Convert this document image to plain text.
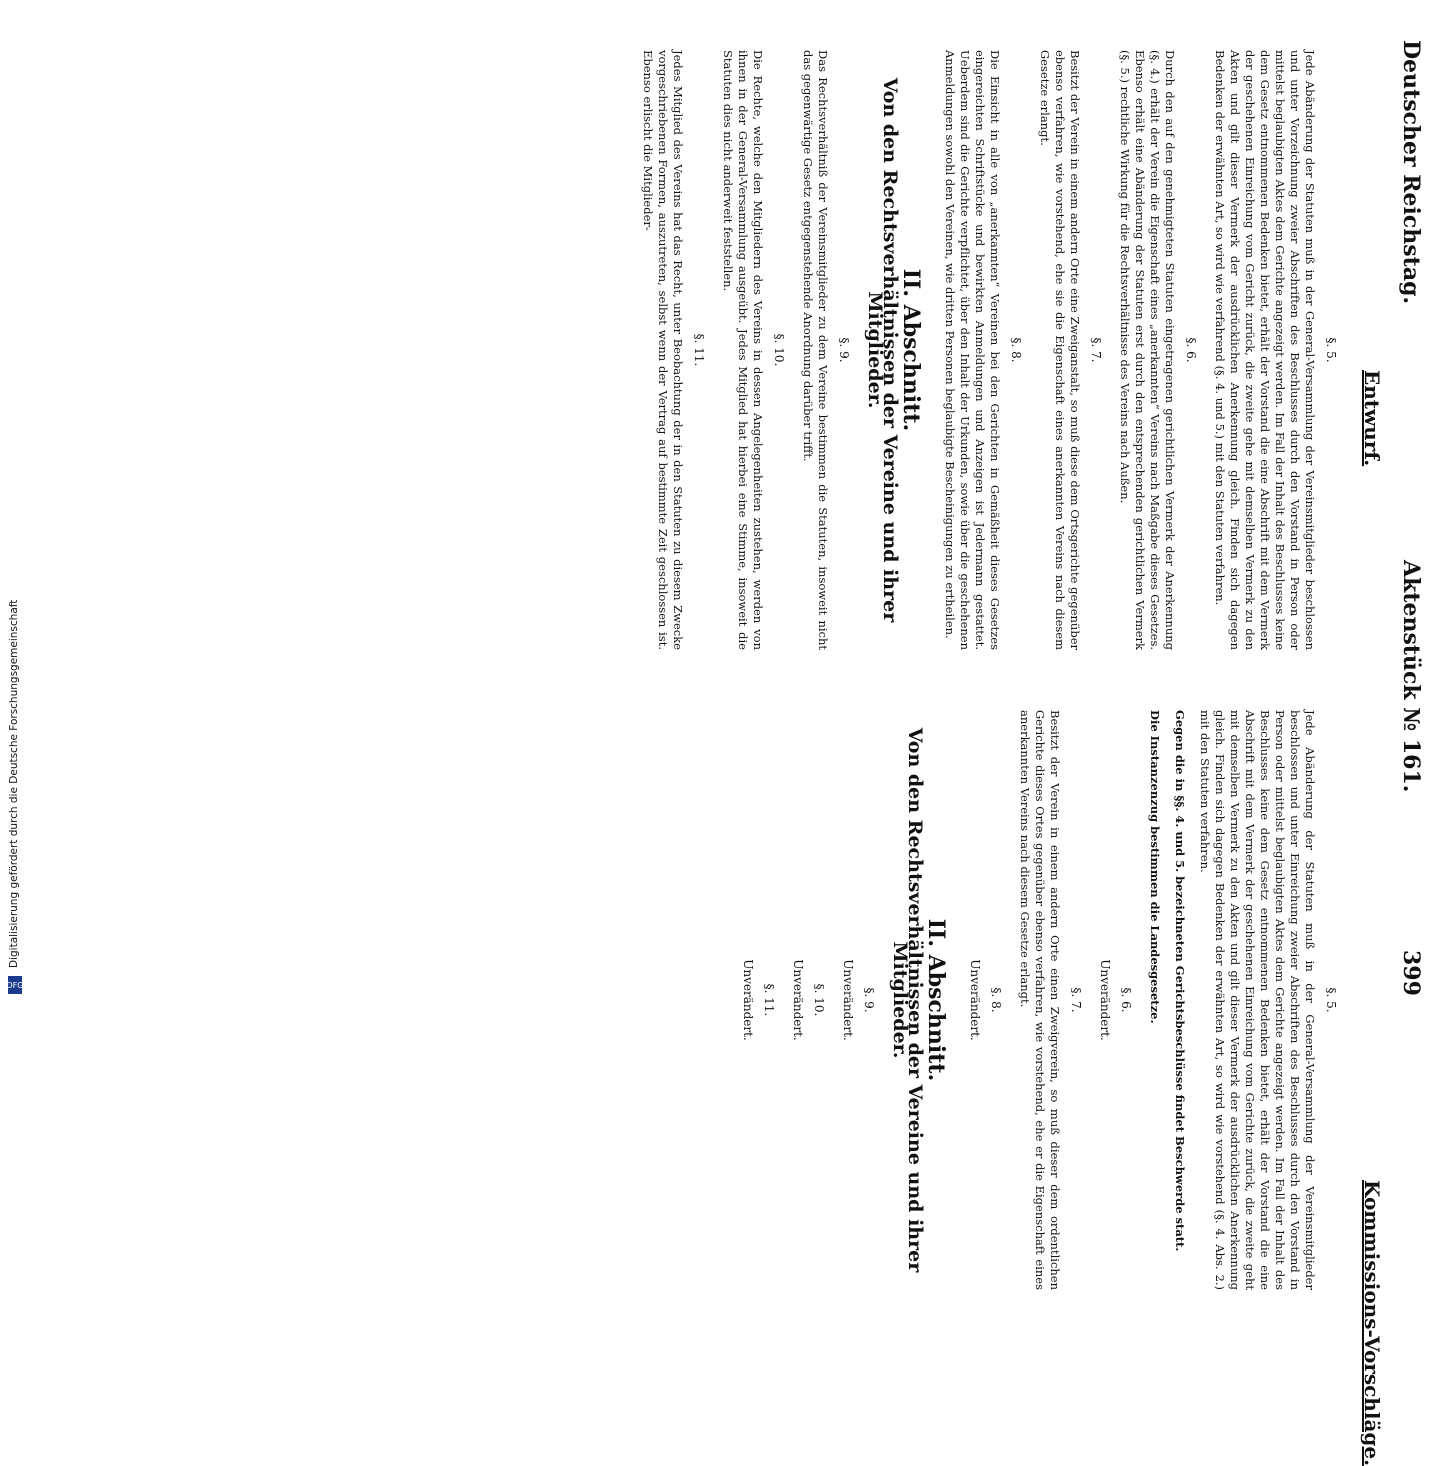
Deutscher Reichstag.
Aktenstück № 161.
399
Entwurf.
Kommissions-Vorschläge.
§. 5.
Jede Abänderung der Statuten muß in der General-Versammlung der Vereinsmitglieder beschlossen und unter Vorzeichnung zweier Abschriften des Beschlusses durch den Vorstand in Person oder mittelst beglaubigten Aktes dem Gerichte angezeigt werden. Im Fall der Inhalt des Beschlusses keine dem Gesetz entnommenen Bedenken bietet, erhält der Vorstand die eine Abschrift mit dem Vermerk der geschehenen Einreichung vom Gericht zurück, die zweite gehe mit demselben Vermerk zu den Akten und gilt dieser Vermerk der ausdrücklichen Anerkennung gleich. Finden sich dagegen Bedenken der erwähnten Art, so wird wie verfahrend (§. 4. und 5.) mit den Statuten verfahren.
§. 6.
Durch den auf den genehmigteten Statuten eingetragenen gerichtlichen Vermerk der Anerkennung (§. 4.) erhält der Verein die Eigenschaft eines „anerkannten“ Vereins nach Maßgabe dieses Gesetzes. Ebenso erhält eine Abänderung der Statuten erst durch den entsprechenden gerichtlichen Vermerk (§. 5.) rechtliche Wirkung für die Rechtsverhältnisse des Vereins nach Außen.
§. 7.
Besitzt der Verein in einem andern Orte eine Zweiganstalt, so muß diese dem Ortsgerichte gegenüber ebenso verfahren, wie vorstehend, ehe sie die Eigenschaft eines anerkannten Vereins nach diesem Gesetze erlangt.
§. 8.
Die Einsicht in alle von „anerkannten“ Vereinen bei den Gerichten in Gemäßheit dieses Gesetzes eingereichten Schriftstücke und bewirkten Anmeldungen und Anzeigen ist Jedermann gestattet. Ueberdem sind die Gerichte verpflichtet, über den Inhalt der Urkunden, sowie über die geschehenen Anmeldungen sowohl den Vereinen, wie dritten Personen beglaubigte Bescheinigungen zu ertheilen.
II. Abschnitt.
Von den Rechtsverhältnissen der Vereine und ihrer Mitglieder.
§. 9.
Das Rechtsverhältniß der Vereinsmitglieder zu dem Vereine bestimmen die Statuten, insoweit nicht das gegenwärtige Gesetz entgegenstehende Anordnung darüber trifft.
§. 10.
Die Rechte, welche den Mitgliedern des Vereins in dessen Angelegenheiten zustehen, werden von ihnen in der General-Versammlung ausgeübt. Jedes Mitglied hat hierbei eine Stimme, insoweit die Statuten dies nicht anderweit feststellen.
§. 11.
Jedes Mitglied des Vereins hat das Recht, unter Beobachtung der in den Statuten zu diesem Zwecke vorgeschriebenen Formen, auszutreten, selbst wenn der Vertrag auf bestimmte Zeit geschlossen ist. Ebenso erlischt die Mitglieder-
§. 5.
Jede Abänderung der Statuten muß in der General-Versammlung der Vereinsmitglieder beschlossen und unter Einreichung zweier Abschriften des Beschlusses durch den Vorstand in Person oder mittelst beglaubigten Aktes dem Gerichte angezeigt werden. Im Fall der Inhalt des Beschlusses keine dem Gesetz entnommenen Bedenken bietet, erhält der Vorstand die eine Abschrift mit dem Vermerk der geschehenen Einreichung vom Gerichte zurück, die zweite geht mit demselben Vermerk zu den Akten und gilt dieser Vermerk der ausdrücklichen Anerkennung gleich. Finden sich dagegen Bedenken der erwähnten Art, so wird wie vorstehend (§. 4. Abs. 2.) mit den Statuten verfahren.
Gegen die in §§. 4. und 5. bezeichneten Gerichtsbeschlüsse findet Beschwerde statt.
Die Instanzenzug bestimmen die Landesgesetze.
§. 6.
Unverändert.
§. 7.
Besitzt der Verein in einem andern Orte einen Zweigverein, so muß dieser dem ordentlichen Gerichte dieses Ortes gegenüber ebenso verfahren, wie vorstehend, ehe er die Eigenschaft eines anerkannten Vereins nach diesem Gesetze erlangt.
§. 8.
Unverändert.
II. Abschnitt.
Von den Rechtsverhältnissen der Vereine und ihrer Mitglieder.
§. 9.
Unverändert.
§. 10.
Unverändert.
§. 11.
Unverändert.
Digitalisierung gefördert durch die Deutsche Forschungsgemeinschaft
DFG
